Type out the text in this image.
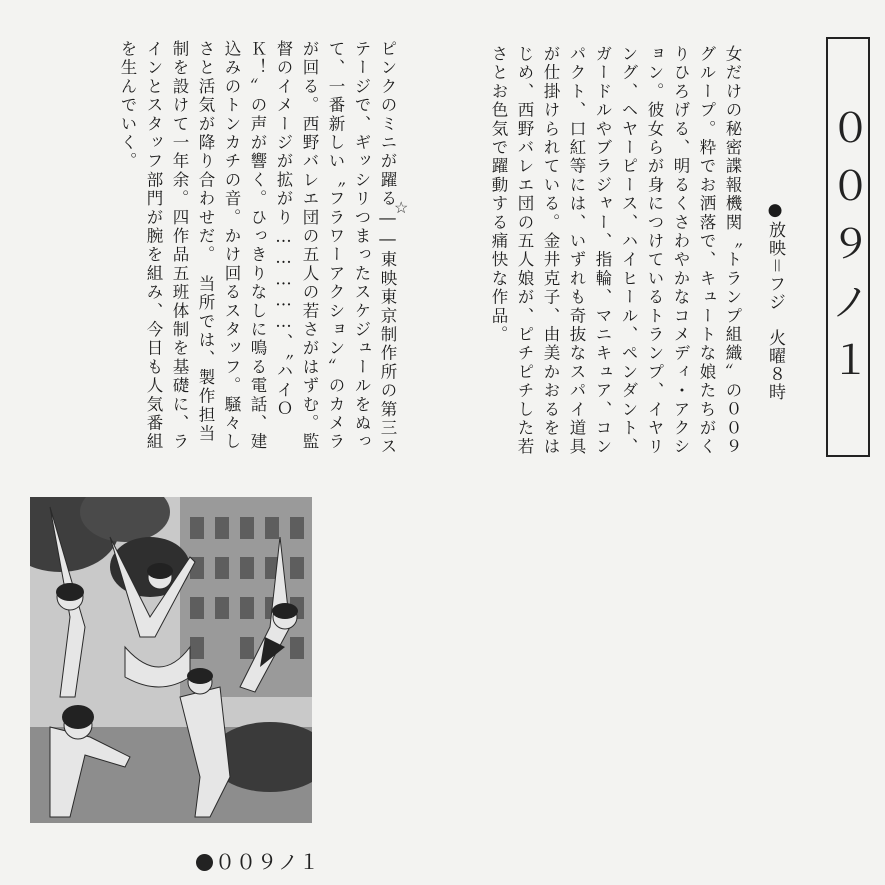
００９ノ１
●放映＝フジ　火曜８時

女だけの秘密諜報機関〝トランプ組織〟の００９グループ。粋でお洒落で、キュートな娘たちがくりひろげる、明るくさわやかなコメディ・アクション。彼女らが身につけているトランプ、イヤリング、ヘヤーピース、ハイヒール、ペンダント、ガードルやブラジャー、指輪、マニキュア、コンパクト、口紅等には、いずれも奇抜なスパイ道具が仕掛けられている。金井克子、由美かおるをはじめ、西野バレエ団の五人娘が、ピチピチした若さとお色気で躍動する痛快な作品。

☆

ピンクのミニが躍る――東映東京制作所の第三ステージで、ギッシリつまったスケジュールをぬって、一番新しい〝フラワーアクション〟のカメラが回る。西野バレエ団の五人の若さがはずむ。監督のイメージが拡がり……………、〝ハイＯＫ！〟の声が響く。ひっきりなしに鳴る電話、建込みのトンカチの音。かけ回るスタッフ。騒々しさと活気が降り合わせだ。　当所では、製作担当制を設けて一年余。四作品五班体制を基礎に、ラインとスタッフ部門が腕を組み、今日も人気番組を生んでいく。

００９ノ１
